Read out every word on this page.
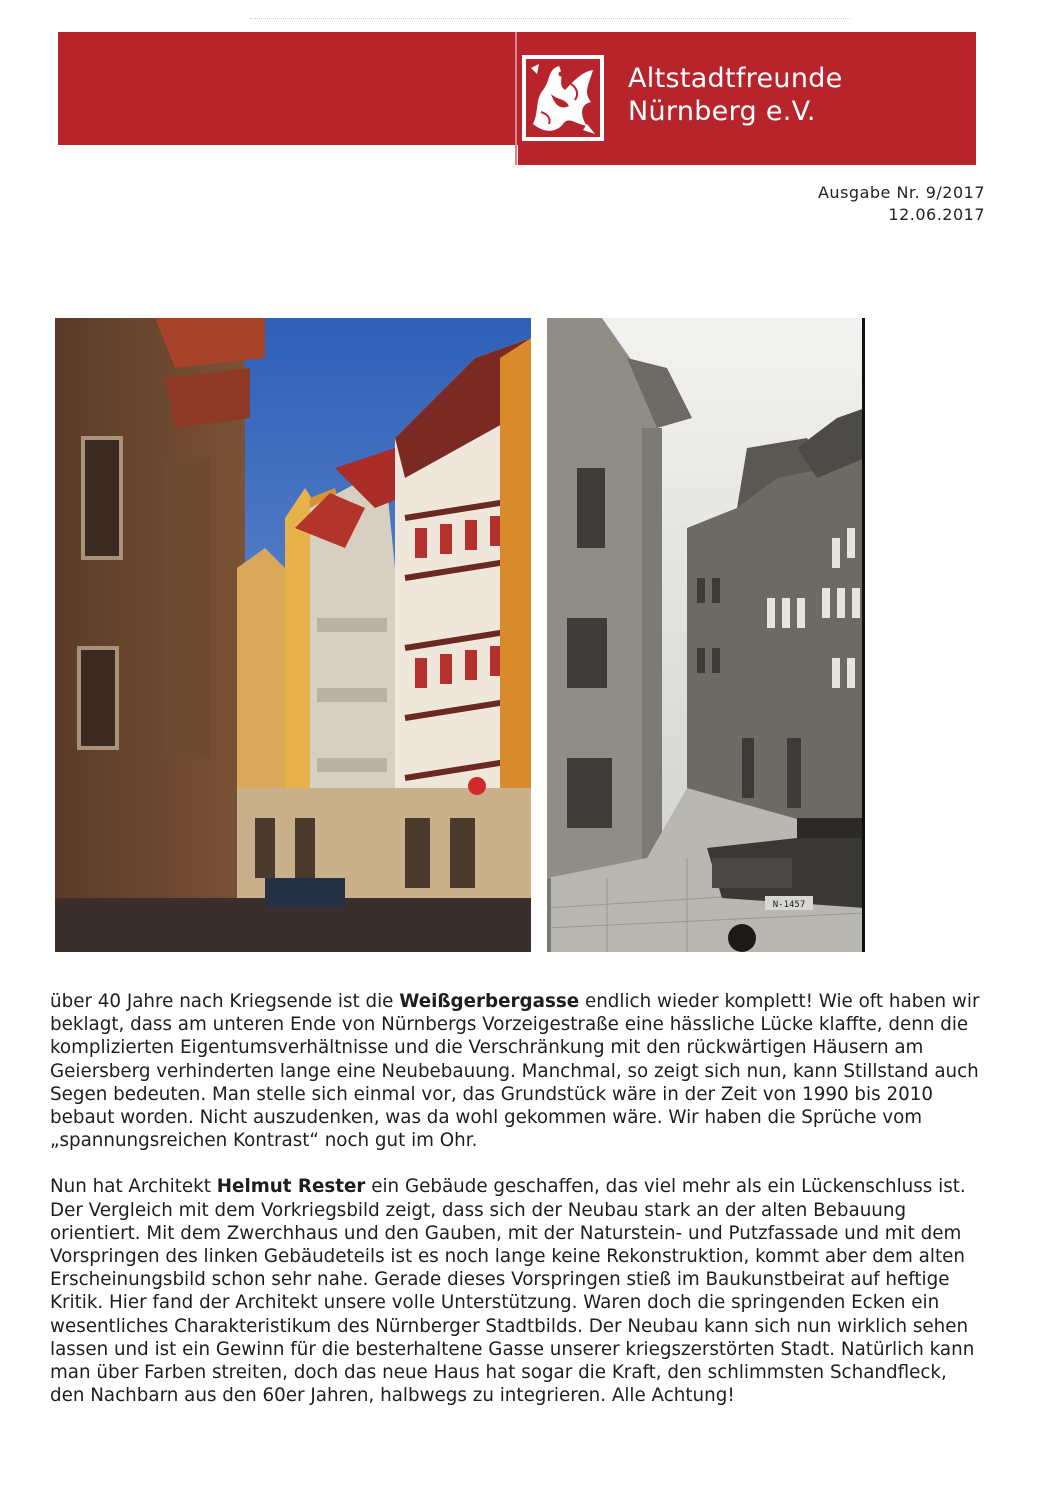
Altstadtfreunde
Nürnberg e.V.
Ausgabe Nr. 9/2017
12.06.2017
N-1457

über 40 Jahre nach Kriegsende ist die Weißgerbergasse endlich wieder komplett! Wie oft haben wir beklagt, dass am unteren Ende von Nürnbergs Vorzeigestraße eine hässliche Lücke klaffte, denn die komplizierten Eigentumsverhältnisse und die Verschränkung mit den rückwärtigen Häusern am Geiersberg verhinderten lange eine Neubebauung. Manchmal, so zeigt sich nun, kann Stillstand auch Segen bedeuten. Man stelle sich einmal vor, das Grundstück wäre in der Zeit von 1990 bis 2010 bebaut worden. Nicht auszudenken, was da wohl gekommen wäre. Wir haben die Sprüche vom „spannungsreichen Kontrast“ noch gut im Ohr.

Nun hat Architekt Helmut Rester ein Gebäude geschaffen, das viel mehr als ein Lückenschluss ist. Der Vergleich mit dem Vorkriegsbild zeigt, dass sich der Neubau stark an der alten Bebauung orientiert. Mit dem Zwerchhaus und den Gauben, mit der Naturstein- und Putzfassade und mit dem Vorspringen des linken Gebäudeteils ist es noch lange keine Rekonstruktion, kommt aber dem alten Erscheinungsbild schon sehr nahe. Gerade dieses Vorspringen stieß im Baukunstbeirat auf heftige Kritik. Hier fand der Architekt unsere volle Unterstützung. Waren doch die springenden Ecken ein wesentliches Charakteristikum des Nürnberger Stadtbilds. Der Neubau kann sich nun wirklich sehen lassen und ist ein Gewinn für die besterhaltene Gasse unserer kriegszerstörten Stadt. Natürlich kann man über Farben streiten, doch das neue Haus hat sogar die Kraft, den schlimmsten Schandfleck, den Nachbarn aus den 60er Jahren, halbwegs zu integrieren. Alle Achtung!
